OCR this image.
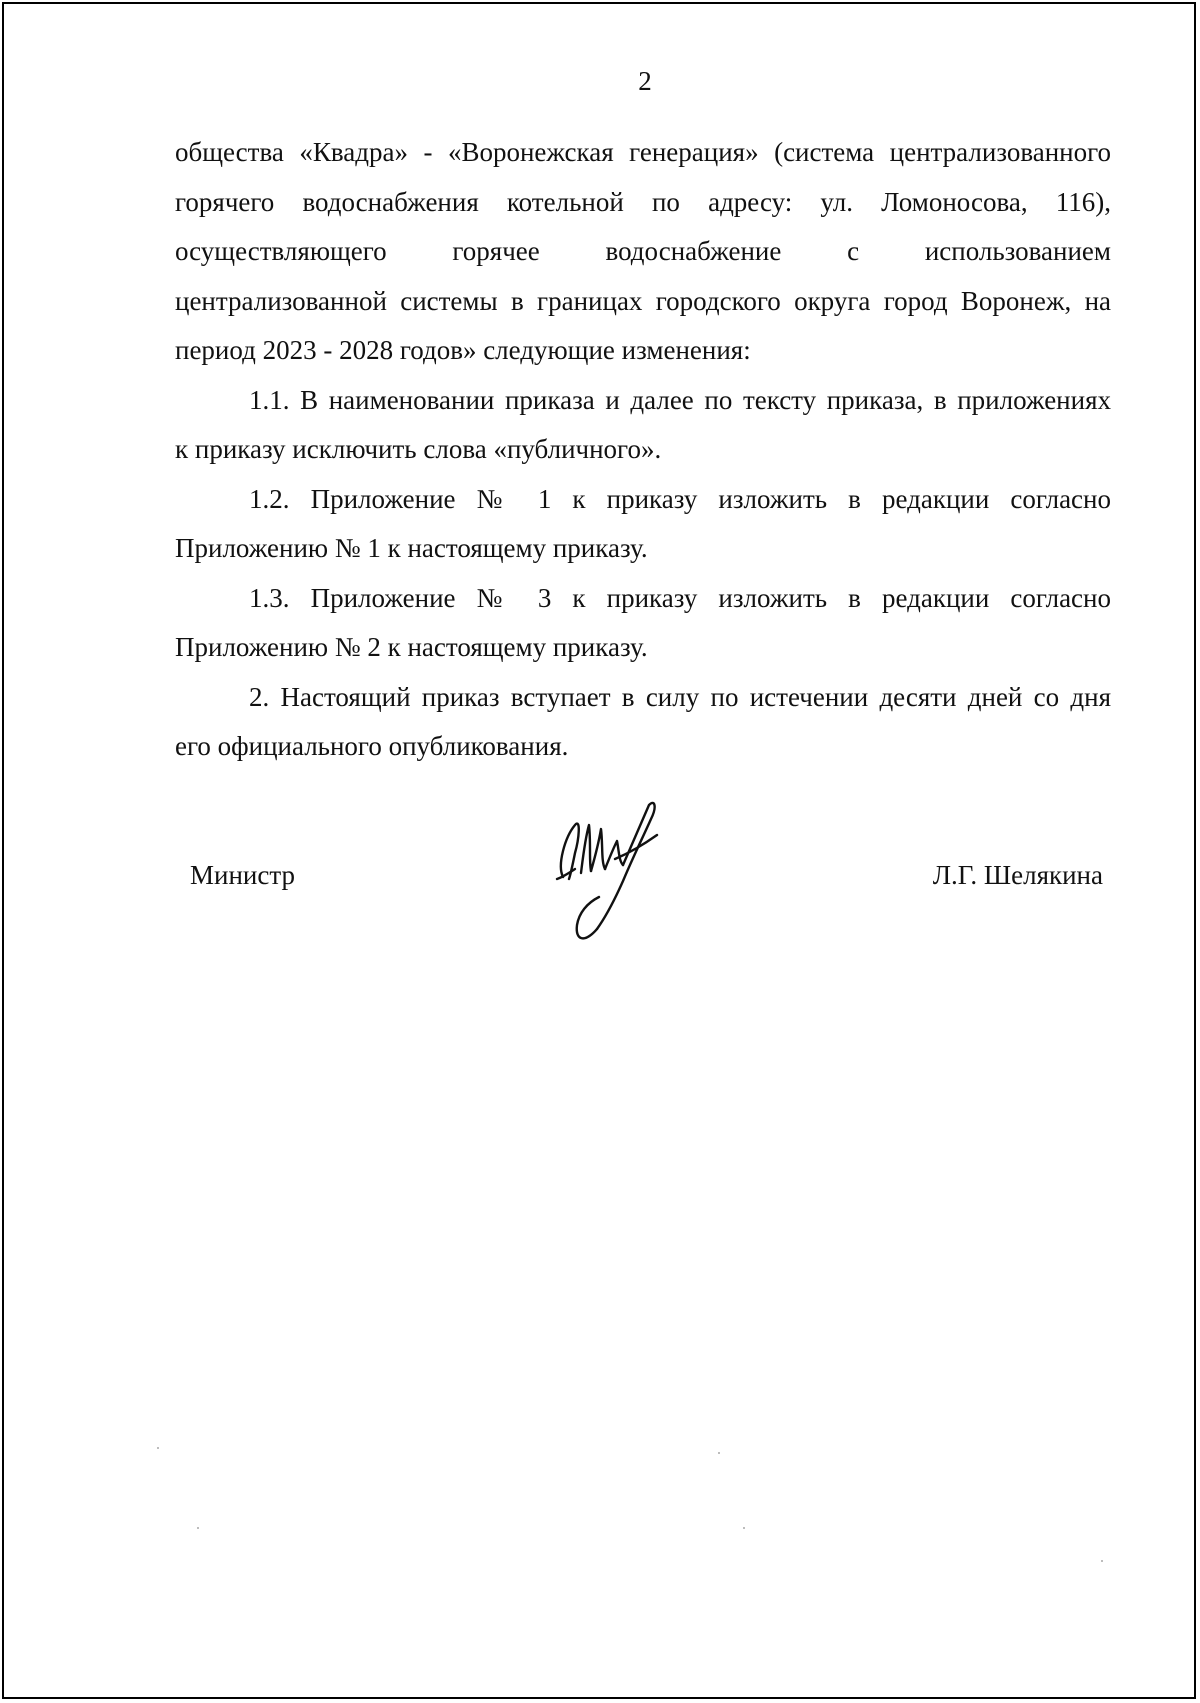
2
общества «Квадра» - «Воронежская генерация» (система централизованного
горячего водоснабжения котельной по адресу: ул. Ломоносова, 116),
осуществляющего горячее водоснабжение с использованием
централизованной системы в границах городского округа город Воронеж, на
период 2023 - 2028 годов» следующие изменения:
1.1. В наименовании приказа и далее по тексту приказа, в приложениях
к приказу исключить слова «публичного».
1.2. Приложение № 1 к приказу изложить в редакции согласно
Приложению № 1 к настоящему приказу.
1.3. Приложение № 3 к приказу изложить в редакции согласно
Приложению № 2 к настоящему приказу.
2. Настоящий приказ вступает в силу по истечении десяти дней со дня
его официального опубликования.
Министр	Л.Г. Шелякина
